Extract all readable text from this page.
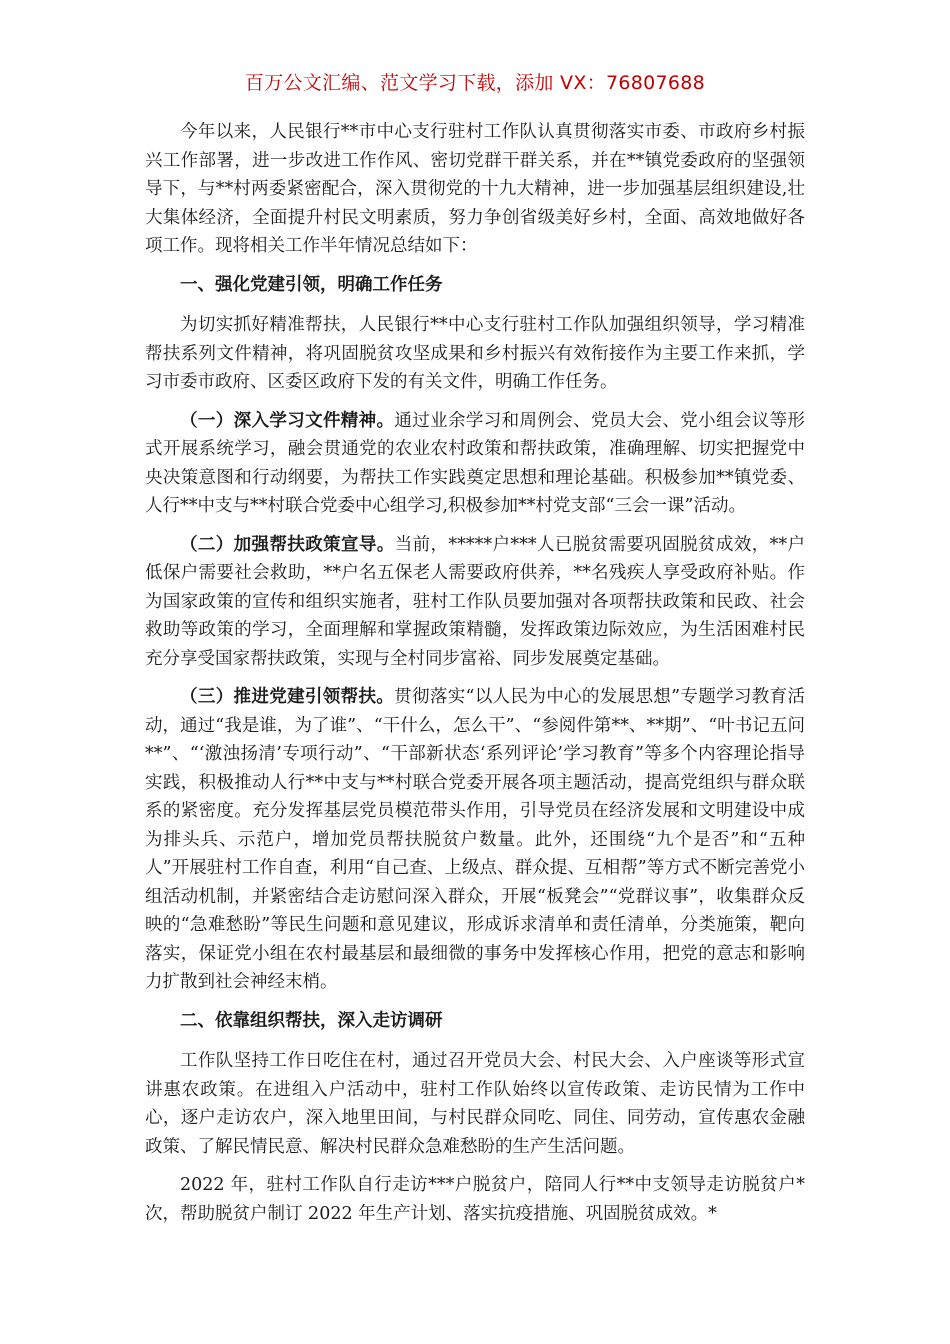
百万公文汇编、范文学习下载，添加 VX：76807688

今年以来，人民银行**市中心支行驻村工作队认真贯彻落实市委、市政府乡村振兴工作部署，进一步改进工作作风、密切党群干群关系，并在**镇党委政府的坚强领导下，与**村两委紧密配合，深入贯彻党的十九大精神，进一步加强基层组织建设,壮大集体经济，全面提升村民文明素质，努力争创省级美好乡村，全面、高效地做好各项工作。现将相关工作半年情况总结如下：

一、强化党建引领，明确工作任务

为切实抓好精准帮扶，人民银行**中心支行驻村工作队加强组织领导，学习精准帮扶系列文件精神，将巩固脱贫攻坚成果和乡村振兴有效衔接作为主要工作来抓，学习市委市政府、区委区政府下发的有关文件，明确工作任务。

（一）深入学习文件精神。通过业余学习和周例会、党员大会、党小组会议等形式开展系统学习，融会贯通党的农业农村政策和帮扶政策，准确理解、切实把握党中央决策意图和行动纲要，为帮扶工作实践奠定思想和理论基础。积极参加**镇党委、人行**中支与**村联合党委中心组学习,积极参加**村党支部“三会一课”活动。

（二）加强帮扶政策宣导。当前，*****户***人已脱贫需要巩固脱贫成效，**户低保户需要社会救助，**户名五保老人需要政府供养，**名残疾人享受政府补贴。作为国家政策的宣传和组织实施者，驻村工作队员要加强对各项帮扶政策和民政、社会救助等政策的学习，全面理解和掌握政策精髓，发挥政策边际效应，为生活困难村民充分享受国家帮扶政策，实现与全村同步富裕、同步发展奠定基础。

（三）推进党建引领帮扶。贯彻落实“以人民为中心的发展思想”专题学习教育活动，通过“我是谁，为了谁”、“干什么，怎么干”、“参阅件第**、**期”、“叶书记五问**”、“‘激浊扬清’专项行动”、“干部新状态‘系列评论’学习教育”等多个内容理论指导实践，积极推动人行**中支与**村联合党委开展各项主题活动，提高党组织与群众联系的紧密度。充分发挥基层党员模范带头作用，引导党员在经济发展和文明建设中成为排头兵、示范户，增加党员帮扶脱贫户数量。此外，还围绕“九个是否”和“五种人”开展驻村工作自查，利用“自己查、上级点、群众提、互相帮”等方式不断完善党小组活动机制，并紧密结合走访慰问深入群众，开展“板凳会”“党群议事”，收集群众反映的“急难愁盼”等民生问题和意见建议，形成诉求清单和责任清单，分类施策，靶向落实，保证党小组在农村最基层和最细微的事务中发挥核心作用，把党的意志和影响力扩散到社会神经末梢。

二、依靠组织帮扶，深入走访调研

工作队坚持工作日吃住在村，通过召开党员大会、村民大会、入户座谈等形式宣讲惠农政策。在进组入户活动中，驻村工作队始终以宣传政策、走访民情为工作中心，逐户走访农户，深入地里田间，与村民群众同吃、同住、同劳动，宣传惠农金融政策、了解民情民意、解决村民群众急难愁盼的生产生活问题。

2022 年，驻村工作队自行走访***户脱贫户，陪同人行**中支领导走访脱贫户*次，帮助脱贫户制订 2022 年生产计划、落实抗疫措施、巩固脱贫成效。*
